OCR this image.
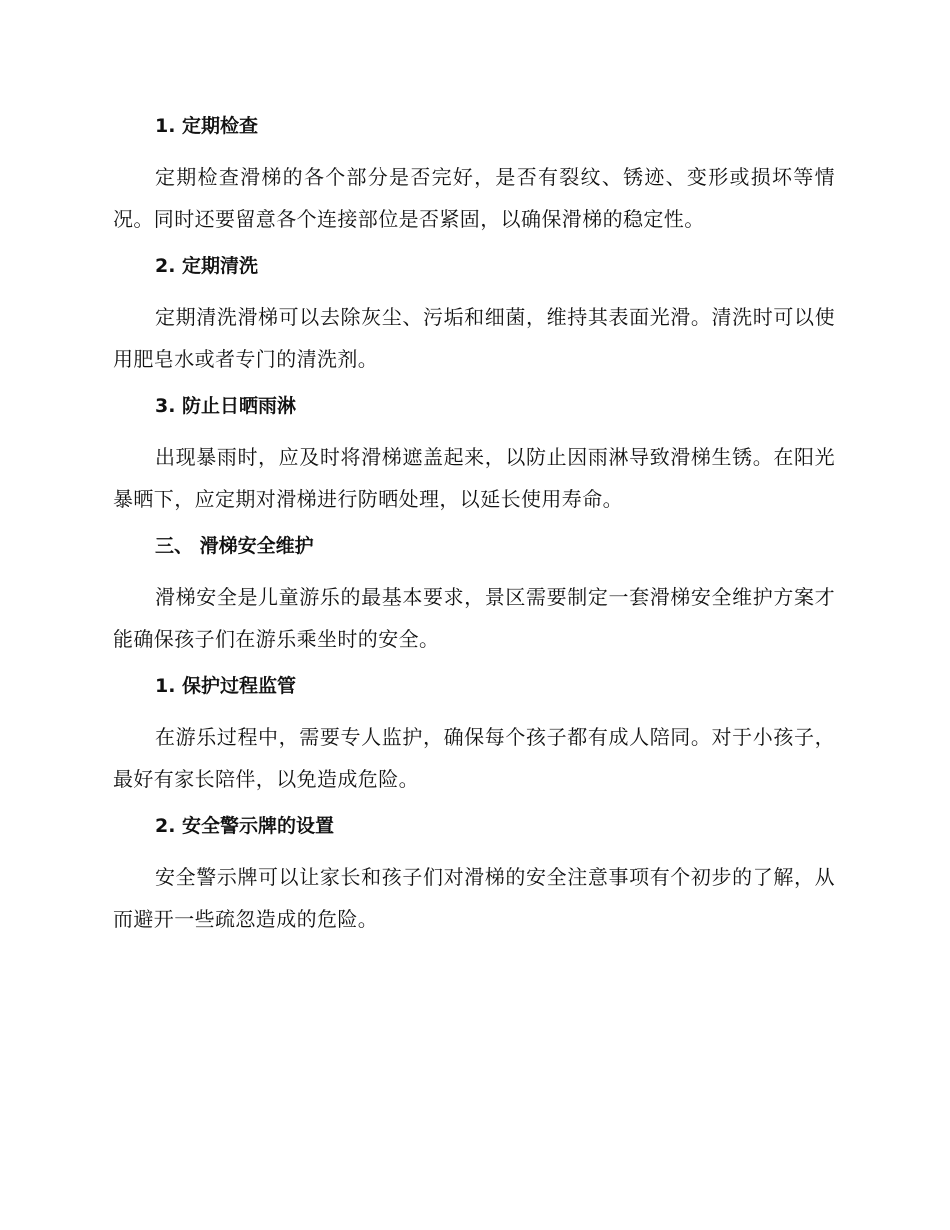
1. 定期检查

定期检查滑梯的各个部分是否完好，是否有裂纹、锈迹、变形或损坏等情况。同时还要留意各个连接部位是否紧固，以确保滑梯的稳定性。

2. 定期清洗

定期清洗滑梯可以去除灰尘、污垢和细菌，维持其表面光滑。清洗时可以使用肥皂水或者专门的清洗剂。

3. 防止日晒雨淋

出现暴雨时，应及时将滑梯遮盖起来，以防止因雨淋导致滑梯生锈。在阳光暴晒下，应定期对滑梯进行防晒处理，以延长使用寿命。

三、 滑梯安全维护

滑梯安全是儿童游乐的最基本要求，景区需要制定一套滑梯安全维护方案才能确保孩子们在游乐乘坐时的安全。

1. 保护过程监管

在游乐过程中，需要专人监护，确保每个孩子都有成人陪同。对于小孩子，最好有家长陪伴，以免造成危险。

2. 安全警示牌的设置

安全警示牌可以让家长和孩子们对滑梯的安全注意事项有个初步的了解，从而避开一些疏忽造成的危险。
